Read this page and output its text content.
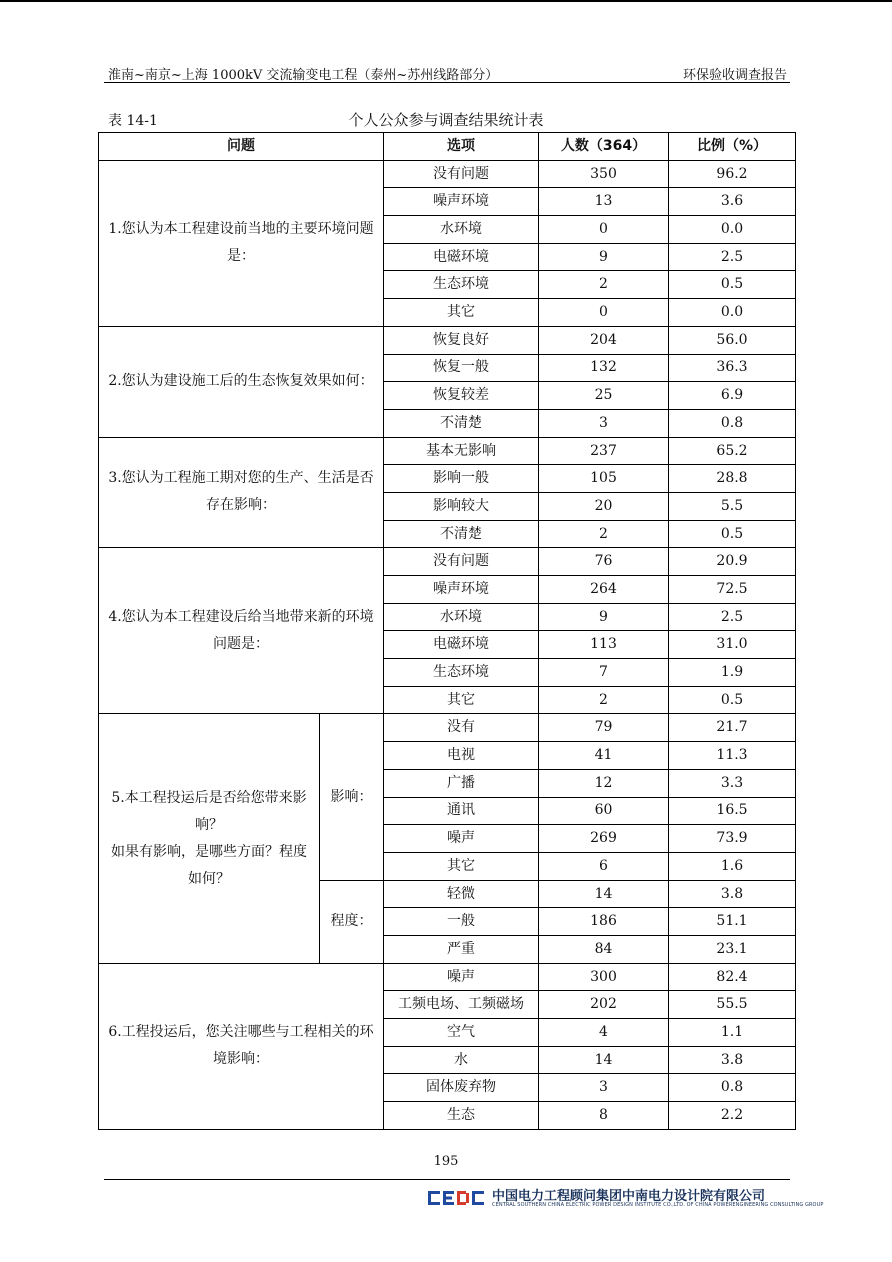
淮南~南京~上海 1000kV 交流输变电工程（泰州~苏州线路部分）	环保验收调查报告
表 14-1	个人公众参与调查结果统计表
问题		选项	人数（364）	比例（%）
1.您认为本工程建设前当地的主要环境问题是：		没有问题	350	96.2
		噪声环境	13	3.6
		水环境	0	0.0
		电磁环境	9	2.5
		生态环境	2	0.5
		其它	0	0.0
2.您认为建设施工后的生态恢复效果如何：		恢复良好	204	56.0
		恢复一般	132	36.3
		恢复较差	25	6.9
		不清楚	3	0.8
3.您认为工程施工期对您的生产、生活是否存在影响：		基本无影响	237	65.2
		影响一般	105	28.8
		影响较大	20	5.5
		不清楚	2	0.5
4.您认为本工程建设后给当地带来新的环境问题是：		没有问题	76	20.9
		噪声环境	264	72.5
		水环境	9	2.5
		电磁环境	113	31.0
		生态环境	7	1.9
		其它	2	0.5

5.本工程投运后是否给您带来影响？
如果有影响，是哪些方面？程度如何？	影响：	没有	79	21.7
		电视	41	11.3
		广播	12	3.3
		通讯	60	16.5
		噪声	269	73.9
		其它	6	1.6
	程度：	轻微	14	3.8
		一般	186	51.1
		严重	84	23.1
6.工程投运后，您关注哪些与工程相关的环境影响：		噪声	300	82.4
		工频电场、工频磁场	202	55.5
		空气	4	1.1
		水	14	3.8
		固体废弃物	3	0.8
		生态	8	2.2
195
中国电力工程顾问集团中南电力设计院有限公司
CENTRAL SOUTHERN CHINA ELECTRIC POWER DESIGN INSTITUTE CO.,LTD. OF CHINA POWERENGINEERING CONSULTING GROUP
